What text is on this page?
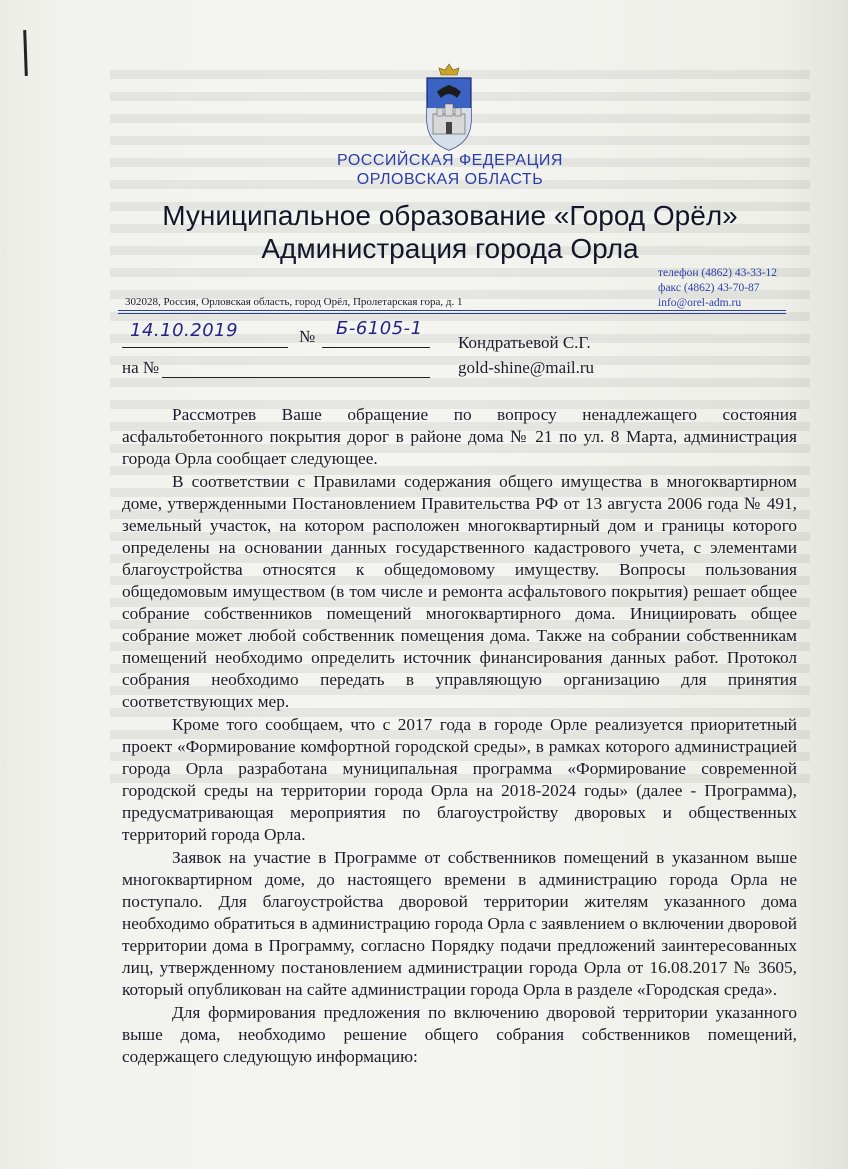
РОССИЙСКАЯ ФЕДЕРАЦИЯ
ОРЛОВСКАЯ ОБЛАСТЬ
Муниципальное образование «Город Орёл»
Администрация города Орла
телефон (4862) 43-33-12
факс (4862) 43-70-87
info@orel-adm.ru
302028, Россия, Орловская область, город Орёл, Пролетарская гора, д. 1
14.10.2019	№ Б-6105-1
на №
Кондратьевой С.Г.
gold-shine@mail.ru

Рассмотрев Ваше обращение по вопросу ненадлежащего состояния асфальтобетонного покрытия дорог в районе дома № 21 по ул. 8 Марта, администрация города Орла сообщает следующее.

В соответствии с Правилами содержания общего имущества в многоквартирном доме, утвержденными Постановлением Правительства РФ от 13 августа 2006 года № 491, земельный участок, на котором расположен многоквартирный дом и границы которого определены на основании данных государственного кадастрового учета, с элементами благоустройства относятся к общедомовому имуществу. Вопросы пользования общедомовым имуществом (в том числе и ремонта асфальтового покрытия) решает общее собрание собственников помещений многоквартирного дома. Инициировать общее собрание может любой собственник помещения дома. Также на собрании собственникам помещений необходимо определить источник финансирования данных работ. Протокол собрания необходимо передать в управляющую организацию для принятия соответствующих мер.

Кроме того сообщаем, что с 2017 года в городе Орле реализуется приоритетный проект «Формирование комфортной городской среды», в рамках которого администрацией города Орла разработана муниципальная программа «Формирование современной городской среды на территории города Орла на 2018-2024 годы» (далее - Программа), предусматривающая мероприятия по благоустройству дворовых и общественных территорий города Орла.

Заявок на участие в Программе от собственников помещений в указанном выше многоквартирном доме, до настоящего времени в администрацию города Орла не поступало. Для благоустройства дворовой территории жителям указанного дома необходимо обратиться в администрацию города Орла с заявлением о включении дворовой территории дома в Программу, согласно Порядку подачи предложений заинтересованных лиц, утвержденному постановлением администрации города Орла от 16.08.2017 № 3605, который опубликован на сайте администрации города Орла в разделе «Городская среда».

Для формирования предложения по включению дворовой территории указанного выше дома, необходимо решение общего собрания собственников помещений, содержащего следующую информацию:
